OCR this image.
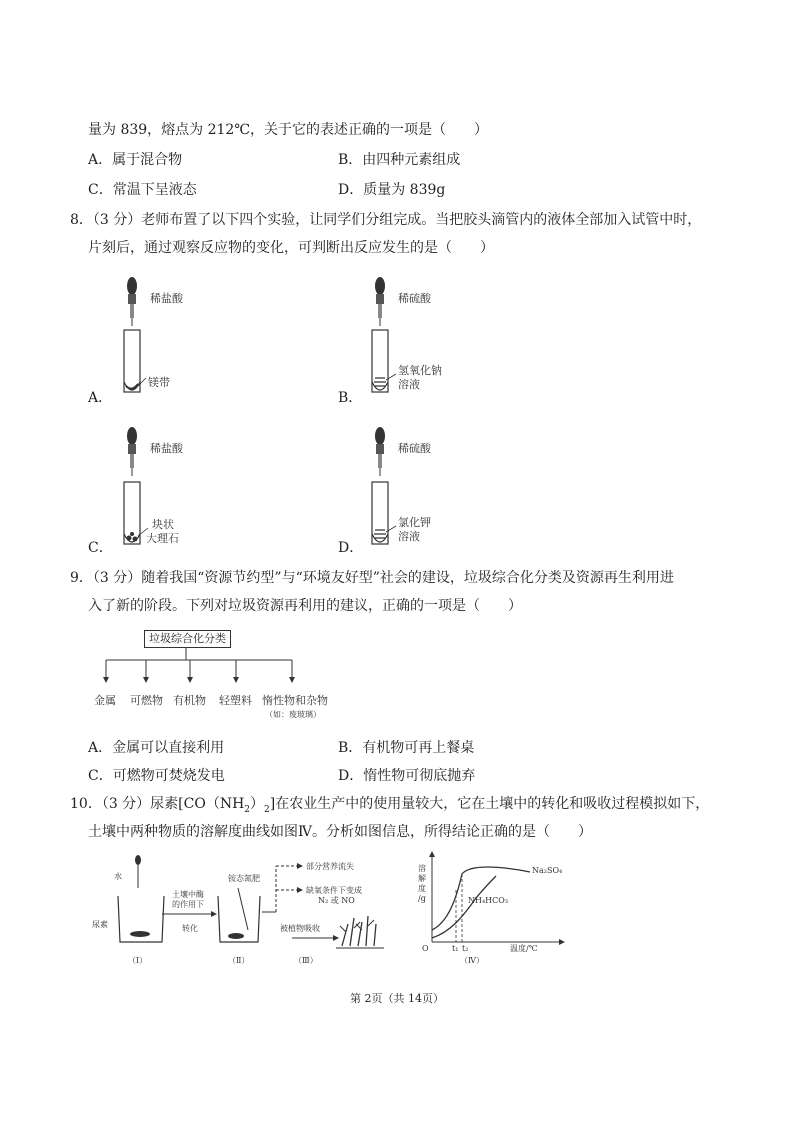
量为 839，熔点为 212℃，关于它的表述正确的一项是（　　）
A．属于混合物	B．由四种元素组成
C．常温下呈液态	D．质量为 839g
8．（3 分）老师布置了以下四个实验，让同学们分组完成。当把胶头滴管内的液体全部加入试管中时，
片刻后，通过观察反应物的变化，可判断出反应发生的是（　　）
稀盐酸
镁带
A．
稀硫酸
氢氧化钠
溶液
B．
稀盐酸
块状
大理石
C．
稀硫酸
氯化钾
溶液
D．
9．（3 分）随着我国“资源节约型”与“环境友好型”社会的建设，垃圾综合化分类及资源再生利用进
入了新的阶段。下列对垃圾资源再利用的建议，正确的一项是（　　）
垃圾综合化分类
金属 可燃物 有机物 轻塑料 惰性物和杂物
（如：废玻璃）
A．金属可以直接利用	B．有机物可再上餐桌
C．可燃物可焚烧发电	D．惰性物可彻底抛弃
10．（3 分）尿素$[CO(NH_2)_2]$在农业生产中的使用量较大，它在土壤中的转化和吸收过程模拟如下，
土壤中两种物质的溶解度曲线如图Ⅳ。分析如图信息，所得结论正确的是（　　）
水
尿素
土壤中酶
的作用下
转化
铵态氮肥
部分营养流失
缺氧条件下变成
N₂ 或 NO
被植物吸收
（Ⅰ）	（Ⅱ）	（Ⅲ）
溶
解
度
/g
O	t₁ t₂	温度/℃
Na₂SO₄
NH₄HCO₃
（Ⅳ）
第 2页（共 14页）
